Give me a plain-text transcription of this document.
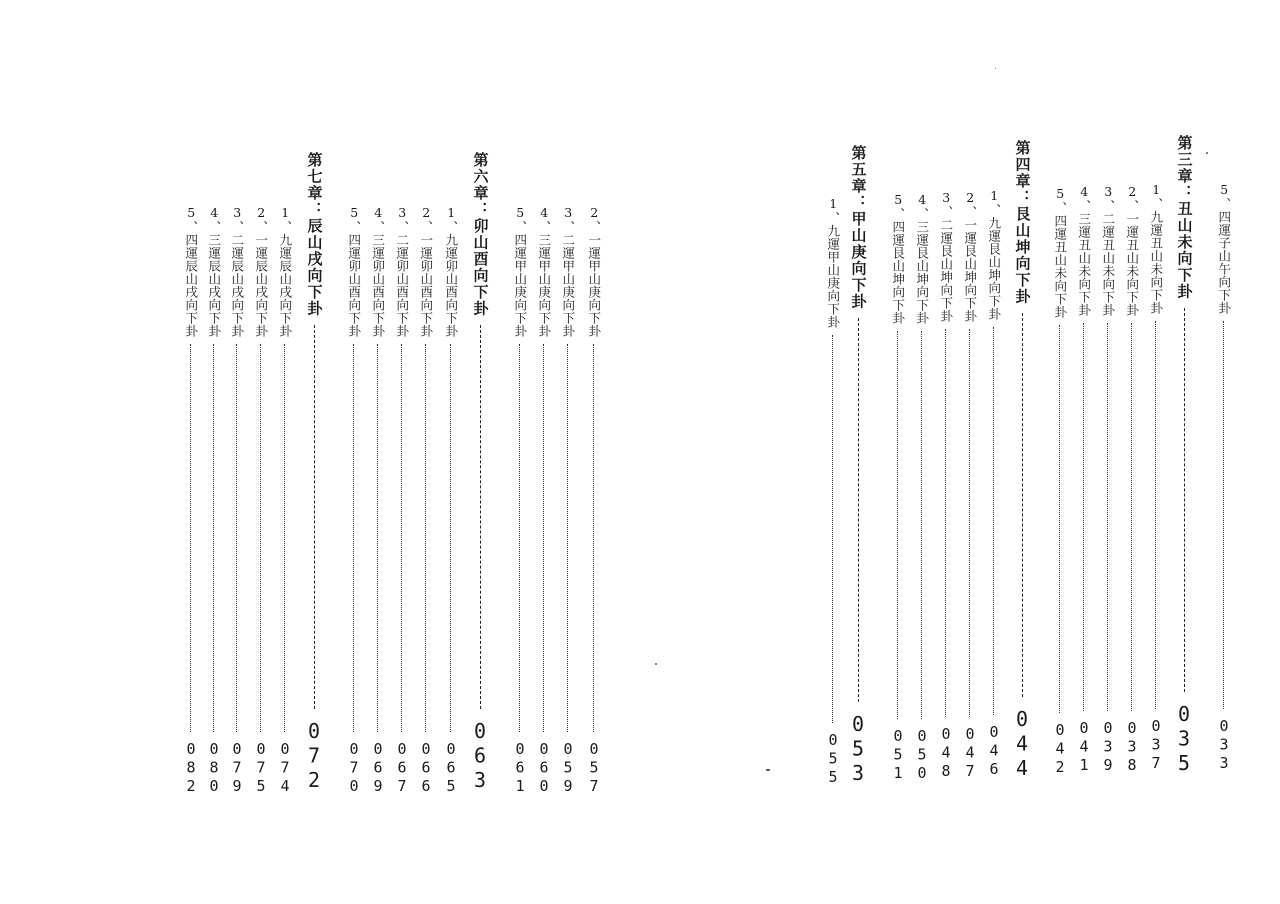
5、四運辰山戌向下卦
082
4、三運辰山戌向下卦
080
3、二運辰山戌向下卦
079
2、一運辰山戌向下卦
075
1、九運辰山戌向下卦
074
第七章：辰山戌向下卦
072
5、四運卯山酉向下卦
070
4、三運卯山酉向下卦
069
3、二運卯山酉向下卦
067
2、一運卯山酉向下卦
066
1、九運卯山酉向下卦
065
第六章：卯山酉向下卦
063
5、四運甲山庚向下卦
061
4、三運甲山庚向下卦
060
3、二運甲山庚向下卦
059
2、一運甲山庚向下卦
057
1、九運甲山庚向下卦
055
第五章：甲山庚向下卦
053
5、四運艮山坤向下卦
051
4、三運艮山坤向下卦
050
3、二運艮山坤向下卦
048
2、一運艮山坤向下卦
047
1、九運艮山坤向下卦
046
第四章：艮山坤向下卦
044
5、四運丑山未向下卦
042
4、三運丑山未向下卦
041
3、二運丑山未向下卦
039
2、一運丑山未向下卦
038
1、九運丑山未向下卦
037
第三章：丑山未向下卦
035
5、四運子山午向下卦
033
